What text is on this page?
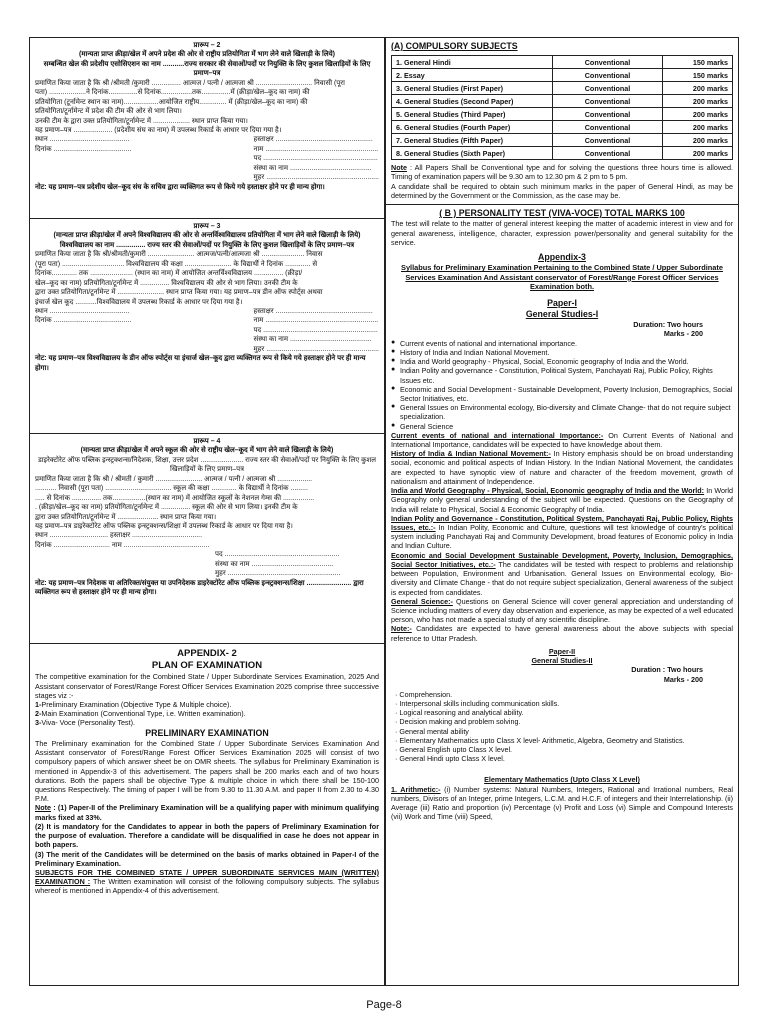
प्रारूप – 2
(मान्यता प्राप्त क्रीड़ा/खेल में अपने प्रदेश की ओर से राष्ट्रीय प्रतियोगिता में भाग लेने वाले खिलाड़ी के लिये)
सम्बन्धित खेल की प्रदेशीय एसोसिएशन का नाम ...........राज्य सरकार की सेवाओं/पदों पर नियुक्ति के लिए कुशल खिलाड़ियों के लिए प्रमाण–पत्र
प्रमाणित किया जाता है कि श्री /श्रीमती /कुमारी ............... आत्मज / पत्नी / आत्मजा श्री ............................. निवासी (पूरा
पता) ...................ने दिनांक...............से दिनांक................तक...............में (क्रीड़ा/खेल–कूद का नाम) की
प्रतियोगिता (टूर्नामेन्ट स्थान का नाम)..................आयोजित राष्ट्रीय.............. में (क्रीड़ा/खेल–कूद का नाम) की
प्रतियोगिता/टूर्नामेन्ट में प्रदेश की टीम की ओर से भाग लिया।
उनकी टीम के द्वारा उक्त प्रतियोगिता/टूर्नामेन्ट में ................... स्थान प्राप्त किया गया।
यह प्रमाण–पत्र .................... (प्रदेशीय संघ का नाम) में उपलब्ध रिकार्ड के आधार पर दिया गया है।
स्थान .........................................
दिनांक ........................................
हस्ताक्षर ..................................................
नाम ..........................................................
पद ...........................................................
संस्था का नाम ..........................................
मुहर ..........................................................
नोट: यह प्रमाण–पत्र प्रदेशीय खेल–कूद संघ के सचिव द्वारा व्यक्तिगत रूप से किये गये हस्ताक्षर होने पर ही मान्य होगा।
प्रारूप – 3
(मान्यता प्राप्त क्रीड़ा/खेल में अपने विश्वविद्यालय की ओर से अन्तर्विश्वविद्यालय प्रतियोगिता में भाग लेने वाले खिलाड़ी के लिये)
विश्वविद्यालय का नाम ............... राज्य स्तर की सेवाओं/पदों पर नियुक्ति के लिए कुशल खिलाड़ियों के लिए प्रमाण–पत्र
प्रमाणित किया जाता है कि श्री/श्रीमती/कुमारी ........................ आत्मज/पत्नी/आत्मजा श्री ...................... निवास
(पूरा पता) ................................ विश्वविद्यालय की कक्षा ........................ के विद्यार्थी ने दिनांक ............. से
दिनांक............. तक ...................... (स्थान का नाम) में आयोजित अन्तर्विश्वविद्यालय ............... (क्रीड़ा/
खेल–कूद का नाम) प्रतियोगिता/टूर्नामेन्ट में ............... विश्वविद्यालय की ओर से भाग लिया। उनकी टीम के
द्वारा उक्त प्रतियोगिता/टूर्नामेन्ट में ........................ स्थान प्राप्त किया गया। यह प्रमाण–पत्र डीन ऑफ स्पोर्ट्स अथवा
इंचार्ज खेल कूद ...........विश्वविद्यालय में उपलब्ध रिकार्ड के आधार पर दिया गया है।
स्थान .........................................
दिनांक ........................................
हस्ताक्षर ..................................................
नाम ..........................................................
पद ...........................................................
संस्था का नाम ..........................................
मुहर ..........................................................
नोट: यह प्रमाण–पत्र विश्वविद्यालय के डीन ऑफ स्पोर्ट्स या इंचार्ज खेल–कूद द्वारा व्यक्तिगत रूप से किये गये हस्ताक्षर होने पर ही मान्य होगा।
प्रारूप – 4
(मान्यता प्राप्त क्रीड़ा/खेल में अपने स्कूल की ओर से राष्ट्रीय खेल–कूद में भाग लेने वाले खिलाड़ी के लिये)
डाइरेक्टोरेट ऑफ पब्लिक इन्स्ट्रक्शन्स/निदेशक, शिक्षा, उत्तर प्रदेश ...................... राज्य स्तर की सेवाओं/पदों पर नियुक्ति के लिए कुशल खिलाड़ियों के लिए प्रमाण–पत्र
प्रमाणित किया जाता है कि श्री / श्रीमती / कुमारी ........................ आत्मज / पत्नी / आत्मजा श्री ..................
........... निवासी (पूरा पता) .................................. स्कूल की कक्षा ............. के विद्यार्थी ने दिनांक .........
..... से दिनांक ............... तक.................(स्थान का नाम) में आयोजित स्कूलों के नेशनल गेम्स की ................
. (क्रीड़ा/खेल–कूद का नाम) प्रतियोगिता/टूर्नामेन्ट में ............... स्कूल की ओर से भाग लिया। इनकी टीम के
द्वारा उक्त प्रतियोगिता/टूर्नामेन्ट में ..................... स्थान प्राप्त किया गया।
यह प्रमाण–पत्र डाइरेक्टोरेट ऑफ पब्लिक इन्स्ट्रक्शन्स/शिक्षा में उपलब्ध रिकार्ड के आधार पर दिया गया है।
स्थान .............................. हस्ताक्षर ....................................
दिनांक ............................. नाम ............................................
पद ...........................................................
संस्था का नाम ..........................................
मुहर ..........................................................
नोट: यह प्रमाण–पत्र निदेशक या अतिरिक्त/संयुक्त या उपनिदेशक डाइरेक्टोरेट ऑफ पब्लिक इन्स्ट्रक्शन्स/शिक्षा ....................... द्वारा व्यक्तिगत रूप से हस्ताक्षर होने पर ही मान्य होगा।
APPENDIX- 2
PLAN OF EXAMINATION
The competitive examination for the Combined State / Upper Subordinate Services Examination, 2025 And Assistant conservator of Forest/Range Forest Officer Services Examination 2025 comprise three successive stages viz :-
1-Preliminary Examination (Objective Type & Multiple choice).
2-Main Examination (Conventional Type, i.e. Written examination).
3-Viva- Voce (Personality Test).
PRELIMINARY EXAMINATION
The Preliminary examination for the Combined State / Upper Subordinate Services Examination And Assistant conservator of Forest/Range Forest Officer Services Examination 2025 will consist of two compulsory papers of which answer sheet be on OMR sheets. The syllabus for Preliminary Examination is mentioned in Appendix-3 of this advertisement. The papers shall be 200 marks each and of two hours durations. Both the papers shall be objective Type & multiple choice in which there shall be 150-100 questions Respectively. The timing of paper I will be from 9.30 to 11.30 A.M. and paper II from 2.30 to 4.30 P.M.
Note : (1) Paper-II of the Preliminary Examination will be a qualifying paper with minimum qualifying marks fixed at 33%.
(2) It is mandatory for the Candidates to appear in both the papers of Preliminary Examination for the purpose of evaluation. Therefore a candidate will be disqualified in case he does not appear in both papers.
(3) The merit of the Candidates will be determined on the basis of marks obtained in Paper-I of the Preliminary Examination.
SUBJECTS FOR THE COMBINED STATE / UPPER SUBORDINATE SERVICES MAIN (WRITTEN) EXAMINATION : The Written examination will consist of the following compulsory subjects. The syllabus whereof is mentioned in Appendix-4 of this advertisement.
(A) COMPULSORY SUBJECTS
1. General Hindi	Conventional	150 marks
2. Essay	Conventional	150 marks
3. General Studies (First Paper)	Conventional	200 marks
4. General Studies (Second Paper)	Conventional	200 marks
5. General Studies (Third Paper)	Conventional	200 marks
6. General Studies (Fourth Paper)	Conventional	200 marks
7. General Studies (Fifth Paper)	Conventional	200 marks
8. General Studies (Sixth Paper)	Conventional	200 marks
Note : All Papers Shall be Conventional type and for solving the questions three hours time is allowed. Timing of examination papers will be 9.30 am to 12.30 pm & 2 pm to 5 pm.
A candidate shall be required to obtain such minimum marks in the paper of General Hindi, as may be determined by the Government or the Commission, as the case may be.
( B ) PERSONALITY TEST (VIVA-VOCE) TOTAL MARKS 100
The test will relate to the matter of general interest keeping the matter of academic interest in view and for general awareness, intelligence, character, expression power/personality and general suitability for the service.
Appendix-3
Syllabus for Preliminary Examination Pertaining to the Combined State / Upper Subordinate Services Examination And Assistant conservator of Forest/Range Forest Officer Services Examination both.
Paper-I
General Studies-I
Duration: Two hours
Marks - 200
● Current events of national and international importance.
● History of India and Indian National Movement.
● India and World geography - Physical, Social, Economic geography of India and the World.
● Indian Polity and governance - Constitution, Political System, Panchayati Raj, Public Policy, Rights Issues etc.
● Economic and Social Development - Sustainable Development, Poverty Inclusion, Demographics, Social Sector Initiatives, etc.
● General Issues on Environmental ecology, Bio-diversity and Climate Change- that do not require subject specialization.
● General Science
Current events of national and international Importance:- On Current Events of National and International Importance, candidates will be expected to have knowledge about them.
History of India & Indian National Movement:- In History emphasis should be on broad understanding social, economic and political aspects of Indian History. In the Indian National Movement, the candidates are expected to have synoptic view of nature and character of the freedom movement, growth of nationalism and attainment of Independence.
India and World Geography - Physical, Social, Economic geography of India and the World: In World Geography only general understanding of the subject will be expected. Questions on the Geography of India will relate to Physical, Social & Economic Geography of India.
Indian Polity and Governance - Constitution, Political System, Panchayati Raj, Public Policy, Rights Issues, etc.:- In Indian Polity, Economic and Culture, questions will test knowledge of country's political system including Panchayati Raj and Community Development, broad features of Economic policy in India and Indian Culture.
Economic and Social Development Sustainable Development, Poverty, Inclusion, Demographics, Social Sector Initiatives, etc.:- The candidates will be tested with respect to problems and relationship between Population, Environment and Urbanisation. General Issues on Environmental ecology, Bio-diversity and Climate Change - that do not require subject specialization, General awareness of the subject is expected from candidates.
General Science:- Questions on General Science will cover general appreciation and understanding of Science including matters of every day observation and experience, as may be expected of a well educated person, who has not made a special study of any scientific discipline.
Note:- Candidates are expected to have general awareness about the above subjects with special reference to Uttar Pradesh.
Paper-II
General Studies-II
Duration : Two hours
Marks - 200
· Comprehension.
· Interpersonal skills including communication skills.
· Logical reasoning and analytical ability.
· Decision making and problem solving.
· General mental ability
· Elementary Mathematics upto Class X level- Arithmetic, Algebra, Geometry and Statistics.
· General English upto Class X level.
· General Hindi upto Class X level.
Elementary Mathematics (Upto Class X Level)
1. Arithmetic:- (i) Number systems: Natural Numbers, Integers, Rational and Irrational numbers, Real numbers, Divisors of an Integer, prime Integers, L.C.M. and H.C.F. of integers and their Interrelationship. (ii) Average (iii) Ratio and proportion (iv) Percentage (v) Profit and Loss (vi) Simple and Compound Interests (vii) Work and Time (viii) Speed,
Page-8
